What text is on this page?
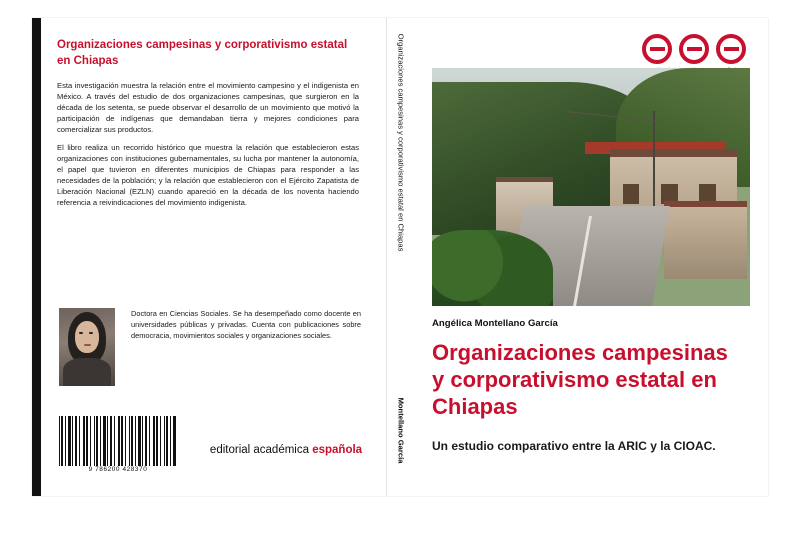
Organizaciones campesinas y corporativismo estatal en Chiapas

Esta investigación muestra la relación entre el movimiento campesino y el indigenista en México. A través del estudio de dos organizaciones campesinas, que surgieron en la década de los setenta, se puede observar el desarrollo de un movimiento que motivó la participación de indígenas que demandaban tierra y mejores condiciones para comercializar sus productos.

El libro realiza un recorrido histórico que muestra la relación que establecieron estas organizaciones con instituciones gubernamentales, su lucha por mantener la autonomía, el papel que tuvieron en diferentes municipios de Chiapas para responder a las necesidades de la población; y la relación que establecieron con el Ejército Zapatista de Liberación Nacional (EZLN) cuando apareció en la década de los noventa haciendo referencia a reivindicaciones del movimiento indigenista.

Doctora en Ciencias Sociales. Se ha desempeñado como docente en universidades públicas y privadas. Cuenta con publicaciones sobre democracia, movimientos sociales y organizaciones sociales.
9 786200 428370
editorial académica española
Organizaciones campesinas y corporativismo estatal en Chiapas
Montellano García
Angélica Montellano García
Organizaciones campesinas y corporativismo estatal en Chiapas
Un estudio comparativo entre la ARIC y la CIOAC.
